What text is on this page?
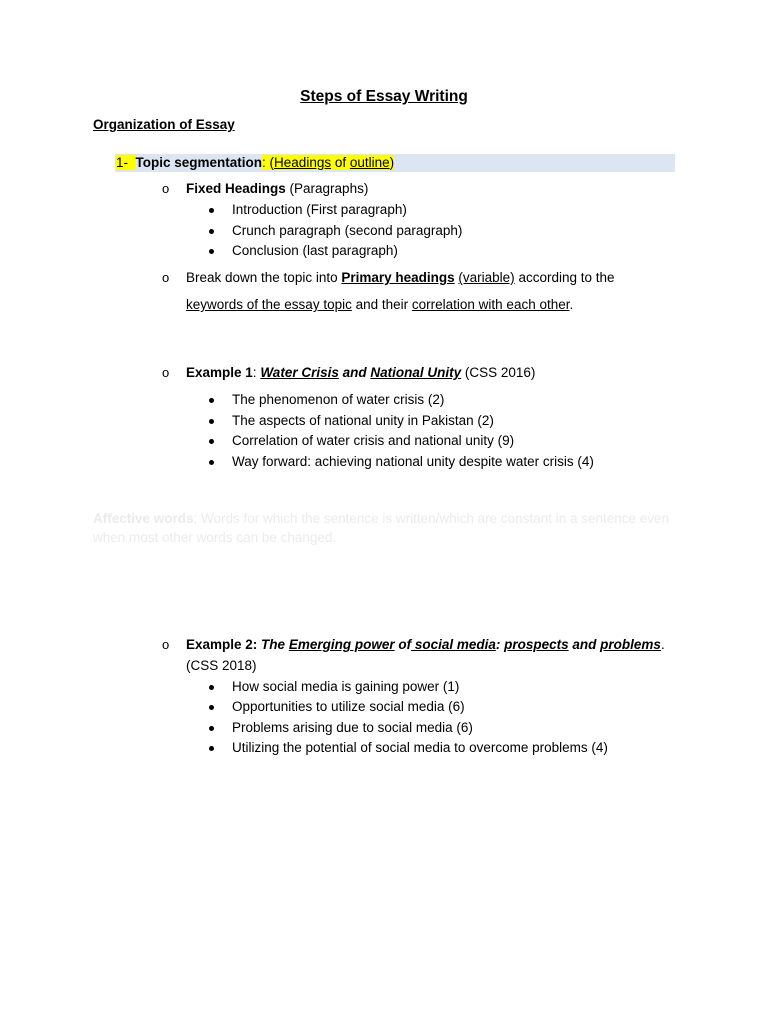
Steps of Essay Writing
Organization of Essay
1- Topic segmentation: (Headings of outline)
o Fixed Headings (Paragraphs)
Introduction (First paragraph)
Crunch paragraph (second paragraph)
Conclusion (last paragraph)
o Break down the topic into Primary headings (variable) according to the
keywords of the essay topic and their correlation with each other.
o Example 1: Water Crisis and National Unity (CSS 2016)
The phenomenon of water crisis (2)
The aspects of national unity in Pakistan (2)
Correlation of water crisis and national unity (9)
Way forward: achieving national unity despite water crisis (4)
Affective words: Words for which the sentence is written/which are constant in a sentence even when most other words can be changed.
o Example 2: The Emerging power of social media: prospects and problems.
(CSS 2018)
How social media is gaining power (1)
Opportunities to utilize social media (6)
Problems arising due to social media (6)
Utilizing the potential of social media to overcome problems (4)
